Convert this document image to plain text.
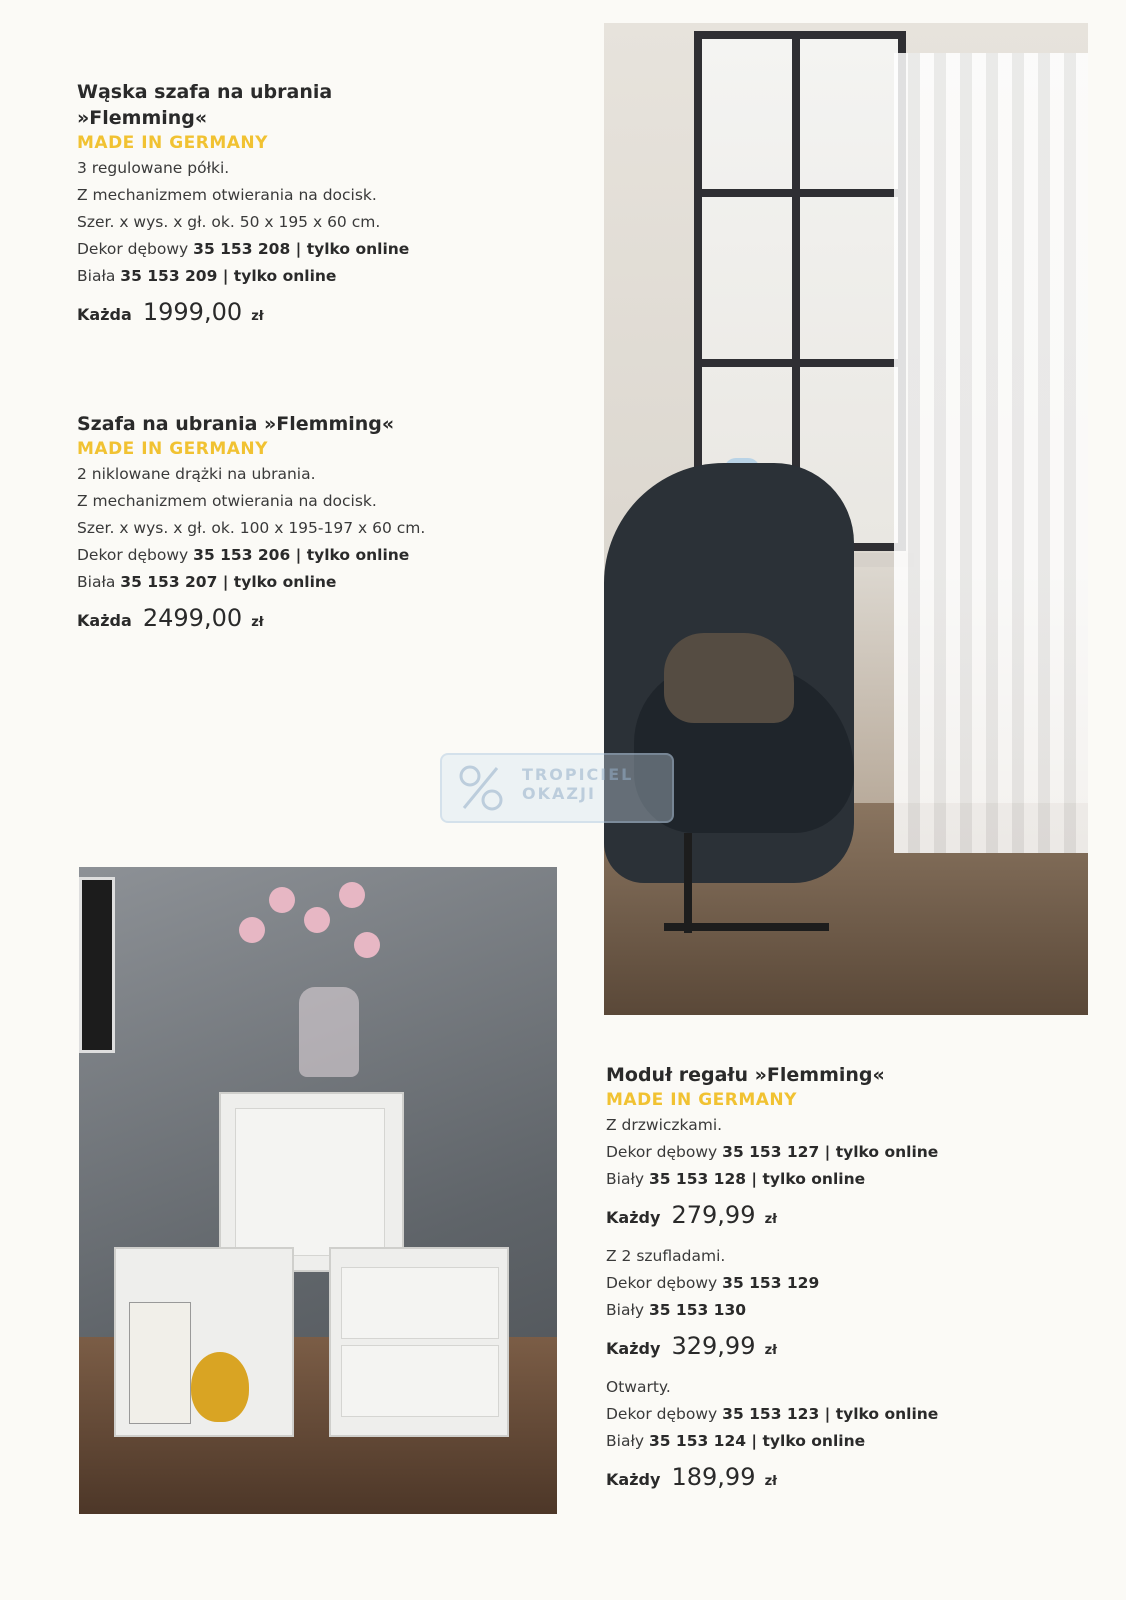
Wąska szafa na ubrania
»Flemming«
MADE IN GERMANY
3 regulowane półki.
Z mechanizmem otwierania na docisk.
Szer. x wys. x gł. ok. 50 x 195 x 60 cm.
Dekor dębowy 35 153 208 | tylko online
Biała 35 153 209 | tylko online
Każda 1999,00 zł
Szafa na ubrania »Flemming«
MADE IN GERMANY
2 niklowane drążki na ubrania.
Z mechanizmem otwierania na docisk.
Szer. x wys. x gł. ok. 100 x 195-197 x 60 cm.
Dekor dębowy 35 153 206 | tylko online
Biała 35 153 207 | tylko online
Każda 2499,00 zł
TROPICIEL OKAZJI
Moduł regału »Flemming«
MADE IN GERMANY
Z drzwiczkami.
Dekor dębowy 35 153 127 | tylko online
Biały 35 153 128 | tylko online
Każdy 279,99 zł
Z 2 szufladami.
Dekor dębowy 35 153 129
Biały 35 153 130
Każdy 329,99 zł
Otwarty.
Dekor dębowy 35 153 123 | tylko online
Biały 35 153 124 | tylko online
Każdy 189,99 zł
